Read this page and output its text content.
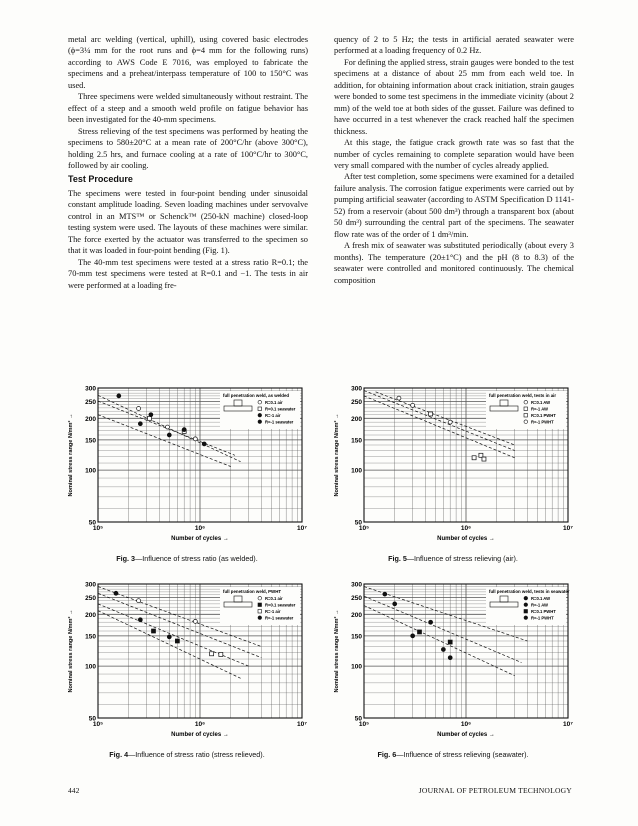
metal arc welding (vertical, uphill), using covered basic electrodes (ϕ=3¼ mm for the root runs and ϕ=4 mm for the following runs) according to AWS Code E 7016, was employed to fabricate the specimens and a preheat/interpass temperature of 100 to 150°C was used.

Three specimens were welded simultaneously without restraint. The effect of a steep and a smooth weld profile on fatigue behavior has been investigated for the 40-mm specimens.

Stress relieving of the test specimens was performed by heating the specimens to 580±20°C at a mean rate of 200°C/hr (above 300°C), holding 2.5 hrs, and furnace cooling at a rate of 100°C/hr to 300°C, followed by air cooling.

Test Procedure

The specimens were tested in four-point bending under sinusoidal constant amplitude loading. Seven loading machines under servovalve control in an MTS™ or Schenck™ (250-kN machine) closed-loop testing system were used. The layouts of these machines were similar. The force exerted by the actuator was transferred to the specimen so that it was loaded in four-point bending (Fig. 1).

The 40-mm test specimens were tested at a stress ratio R=0.1; the 70-mm test specimens were tested at R=0.1 and −1. The tests in air were performed at a loading fre-

quency of 2 to 5 Hz; the tests in artificial aerated seawater were performed at a loading frequency of 0.2 Hz.

For defining the applied stress, strain gauges were bonded to the test specimens at a distance of about 25 mm from each weld toe. In addition, for obtaining information about crack initiation, strain gauges were bonded to some test specimens in the immediate vicinity (about 2 mm) of the weld toe at both sides of the gusset. Failure was defined to have occurred in a test whenever the crack reached half the specimen thickness.

At this stage, the fatigue crack growth rate was so fast that the number of cycles remaining to complete separation would have been very small compared with the number of cycles already applied.

After test completion, some specimens were examined for a detailed failure analysis. The corrosion fatigue experiments were carried out by pumping artificial seawater (according to ASTM Specification D 1141-52) from a reservoir (about 500 dm³) through a transparent box (about 50 dm³) surrounding the central part of the specimens. The seawater flow rate was of the order of 1 dm³/min.

A fresh mix of seawater was substituted periodically (about every 3 months). The temperature (20±1°C) and the pH (8 to 8.3) of the seawater were controlled and monitored continuously. The chemical composition

50
100
150
200
250
300
10⁵	10⁶	10⁷
Number of cycles →
Nominal stress range N/mm² →
full penetration weld, as welded
R=0.1 air
R=0.1 seawater
R=-1 air
R=-1 seawater
Fig. 3—Influence of stress ratio (as welded).
50
100
150
200
250
300
10⁵	10⁶	10⁷
Number of cycles →
Nominal stress range N/mm² →
full penetration weld, tests in air
R=0.1 AW
R=-1 AW
R=0.1 PWHT
R=-1 PWHT
Fig. 5—Influence of stress relieving (air).
50
100
150
200
250
300
10⁵	10⁶	10⁷
Number of cycles →
Nominal stress range N/mm² →
full penetration weld, PWHT
R=0.1 air
R=0.1 seawater
R=-1 air
R=-1 seawater
Fig. 4—Influence of stress ratio (stress relieved).
50
100
150
200
250
300
10⁵	10⁶	10⁷
Number of cycles →
Nominal stress range N/mm² →
full penetration weld, tests in seawater
R=0.1 AW
R=-1 AW
R=0.1 PWHT
R=-1 PWHT
Fig. 6—Influence of stress relieving (seawater).
442	JOURNAL OF PETROLEUM TECHNOLOGY
